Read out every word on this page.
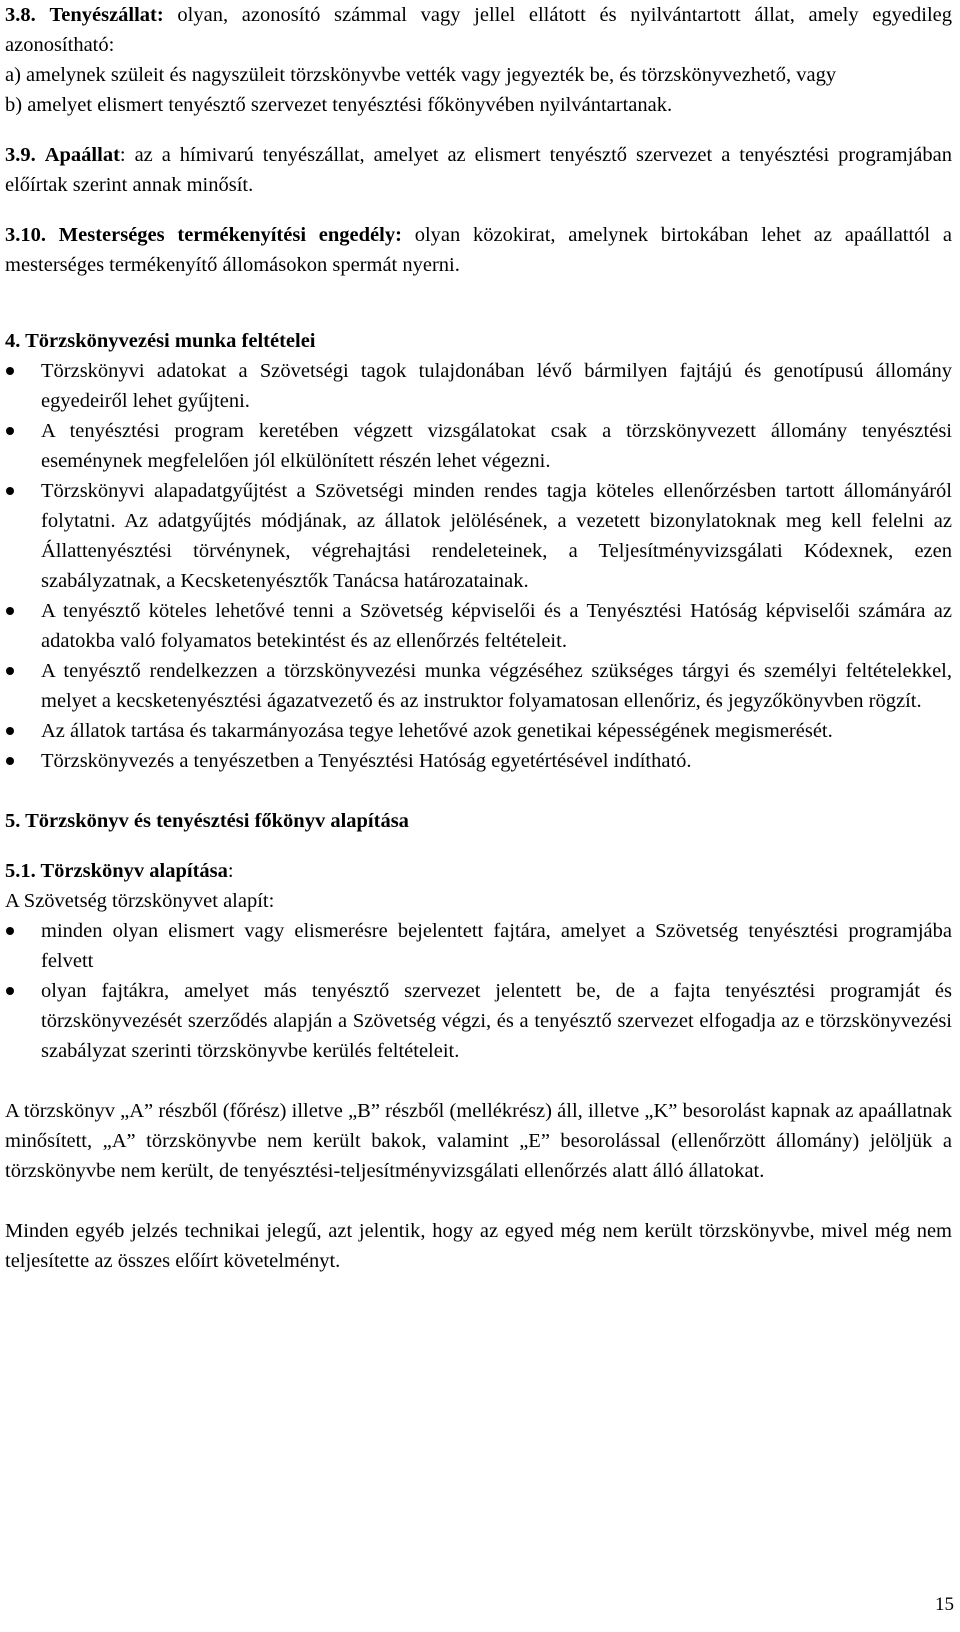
3.8. Tenyészállat: olyan, azonosító számmal vagy jellel ellátott és nyilvántartott állat, amely egyedileg azonosítható:

a) amelynek szüleit és nagyszüleit törzskönyvbe vették vagy jegyezték be, és törzskönyvezhető, vagy

b) amelyet elismert tenyésztő szervezet tenyésztési főkönyvében nyilvántartanak.

3.9. Apaállat: az a hímivarú tenyészállat, amelyet az elismert tenyésztő szervezet a tenyésztési programjában előírtak szerint annak minősít.

3.10. Mesterséges termékenyítési engedély: olyan közokirat, amelynek birtokában lehet az apaállattól a mesterséges termékenyítő állomásokon spermát nyerni.

4. Törzskönyvezési munka feltételei

Törzskönyvi adatokat a Szövetségi tagok tulajdonában lévő bármilyen fajtájú és genotípusú állomány egyedeiről lehet gyűjteni.
A tenyésztési program keretében végzett vizsgálatokat csak a törzskönyvezett állomány tenyésztési eseménynek megfelelően jól elkülönített részén lehet végezni.
Törzskönyvi alapadatgyűjtést a Szövetségi minden rendes tagja köteles ellenőrzésben tartott állományáról folytatni. Az adatgyűjtés módjának, az állatok jelölésének, a vezetett bizonylatoknak meg kell felelni az Állattenyésztési törvénynek, végrehajtási rendeleteinek, a Teljesítményvizsgálati Kódexnek, ezen szabályzatnak, a Kecsketenyésztők Tanácsa határozatainak.
A tenyésztő köteles lehetővé tenni a Szövetség képviselői és a Tenyésztési Hatóság képviselői számára az adatokba való folyamatos betekintést és az ellenőrzés feltételeit.
A tenyésztő rendelkezzen a törzskönyvezési munka végzéséhez szükséges tárgyi és személyi feltételekkel, melyet a kecsketenyésztési ágazatvezető és az instruktor folyamatosan ellenőriz, és jegyzőkönyvben rögzít.
Az állatok tartása és takarmányozása tegye lehetővé azok genetikai képességének megismerését.
Törzskönyvezés a tenyészetben a Tenyésztési Hatóság egyetértésével indítható.

5. Törzskönyv és tenyésztési főkönyv alapítása

5.1. Törzskönyv alapítása:

A Szövetség törzskönyvet alapít:

minden olyan elismert vagy elismerésre bejelentett fajtára, amelyet a Szövetség tenyésztési programjába felvett
olyan fajtákra, amelyet más tenyésztő szervezet jelentett be, de a fajta tenyésztési programját és törzskönyvezését szerződés alapján a Szövetség végzi, és a tenyésztő szervezet elfogadja az e törzskönyvezési szabályzat szerinti törzskönyvbe kerülés feltételeit.

A törzskönyv „A” részből (főrész) illetve „B” részből (mellékrész) áll, illetve „K” besorolást kapnak az apaállatnak minősített, „A” törzskönyvbe nem került bakok, valamint „E” besorolással (ellenőrzött állomány) jelöljük a törzskönyvbe nem került, de tenyésztési-teljesítményvizsgálati ellenőrzés alatt álló állatokat.

Minden egyéb jelzés technikai jelegű, azt jelentik, hogy az egyed még nem került törzskönyvbe, mivel még nem teljesítette az összes előírt követelményt.

15
